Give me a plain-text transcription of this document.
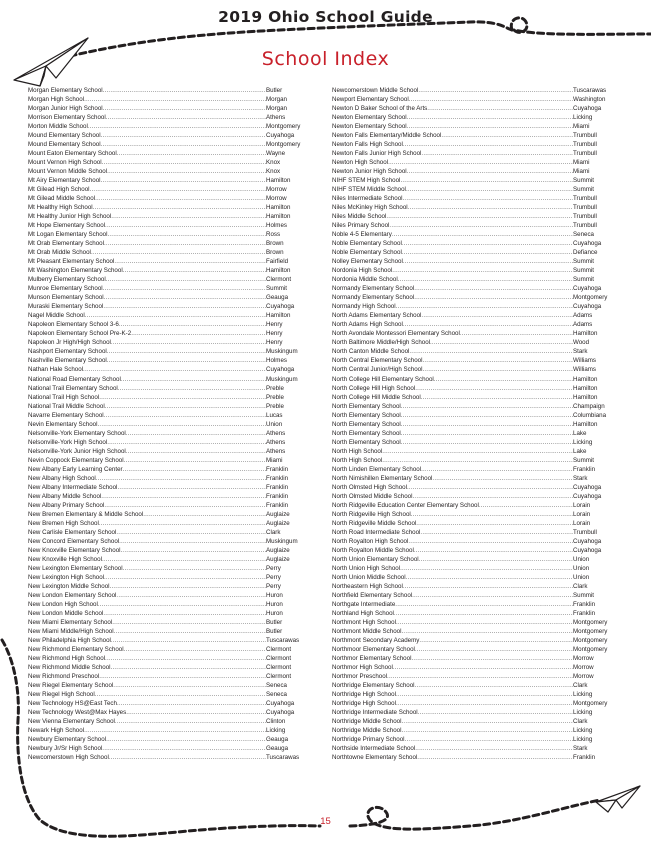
2019 Ohio School Guide
School Index
Morgan Elementary School .....	Butler
Morgan High School .....	Morgan
Morgan Junior High School .....	Morgan
Morrison Elementary School .....	Athens
Morton Middle School .....	Montgomery
Mound Elementary School .....	Cuyahoga
Mound Elementary School .....	Montgomery
Mount Eaton Elementary School .....	Wayne
Mount Vernon High School .....	Knox
Mount Vernon Middle School .....	Knox
Mt Airy Elementary School .....	Hamilton
Mt Gilead High School .....	Morrow
Mt Gilead Middle School .....	Morrow
Mt Healthy High School .....	Hamilton
Mt Healthy Junior High School .....	Hamilton
Mt Hope Elementary School .....	Holmes
Mt Logan Elementary School .....	Ross
Mt Orab Elementary School .....	Brown
Mt Orab Middle School .....	Brown
Mt Pleasant Elementary School .....	Fairfield
Mt Washington Elementary School .....	Hamilton
Mulberry Elementary School .....	Clermont
Munroe Elementary School .....	Summit
Munson Elementary School .....	Geauga
Muraski Elementary School .....	Cuyahoga
Nagel Middle School .....	Hamilton
Napoleon Elementary School 3-6 .....	Henry
Napoleon Elementary School Pre-K-2 .....	Henry
Napoleon Jr High/High School .....	Henry
Nashport Elementary School .....	Muskingum
Nashville Elementary School .....	Holmes
Nathan Hale School .....	Cuyahoga
National Road Elementary School .....	Muskingum
National Trail Elementary School .....	Preble
National Trail High School .....	Preble
National Trail Middle School .....	Preble
Navarre Elementary School .....	Lucas
Nevin Elementary School .....	Union
Nelsonville-York Elementary School .....	Athens
Nelsonville-York High School .....	Athens
Nelsonville-York Junior High School .....	Athens
Nevin Coppock Elementary School .....	Miami
New Albany Early Learning Center .....	Franklin
New Albany High School .....	Franklin
New Albany Intermediate School .....	Franklin
New Albany Middle School .....	Franklin
New Albany Primary School .....	Franklin
New Bremen Elementary & Middle School .....	Auglaize
New Bremen High School .....	Auglaize
New Carlisle Elementary School .....	Clark
New Concord Elementary School .....	Muskingum
New Knoxville Elementary School .....	Auglaize
New Knoxville High School .....	Auglaize
New Lexington Elementary School .....	Perry
New Lexington High School .....	Perry
New Lexington Middle School .....	Perry
New London Elementary School .....	Huron
New London High School .....	Huron
New London Middle School .....	Huron
New Miami Elementary School .....	Butler
New Miami Middle/High School .....	Butler
New Philadelphia High School .....	Tuscarawas
New Richmond Elementary School .....	Clermont
New Richmond High School .....	Clermont
New Richmond Middle School .....	Clermont
New Richmond Preschool .....	Clermont
New Riegel Elementary School .....	Seneca
New Riegel High School .....	Seneca
New Technology HS@East Tech .....	Cuyahoga
New Technology West@Max Hayes .....	Cuyahoga
New Vienna Elementary School .....	Clinton
Newark High School .....	Licking
Newbury Elementary School .....	Geauga
Newbury Jr/Sr High School .....	Geauga
Newcomerstown High School .....	Tuscarawas
Newcomerstown Middle School .....	Tuscarawas
Newport Elementary School .....	Washington
Newton D Baker School of the Arts .....	Cuyahoga
Newton Elementary School .....	Licking
Newton Elementary School .....	Miami
Newton Falls Elementary/Middle School .....	Trumbull
Newton Falls High School .....	Trumbull
Newton Falls Junior High School .....	Trumbull
Newton High School .....	Miami
Newton Junior High School .....	Miami
NIHF STEM High School .....	Summit
NIHF STEM Middle School .....	Summit
Niles Intermediate School .....	Trumbull
Niles McKinley High School .....	Trumbull
Niles Middle School .....	Trumbull
Niles Primary School .....	Trumbull
Noble 4-5 Elementary .....	Seneca
Noble Elementary School .....	Cuyahoga
Noble Elementary School .....	Defiance
Nolley Elementary School .....	Summit
Nordonia High School .....	Summit
Nordonia Middle School .....	Summit
Normandy Elementary School .....	Cuyahoga
Normandy Elementary School .....	Montgomery
Normandy High School .....	Cuyahoga
North Adams Elementary School .....	Adams
North Adams High School .....	Adams
North Avondale Montessori Elementary School .....	Hamilton
North Baltimore Middle/High School .....	Wood
North Canton Middle School .....	Stark
North Central Elementary School .....	Williams
North Central Junior/High School .....	Williams
North College Hill Elementary School .....	Hamilton
North College Hill High School .....	Hamilton
North College Hill Middle School .....	Hamilton
North Elementary School .....	Champaign
North Elementary School .....	Columbiana
North Elementary School .....	Hamilton
North Elementary School .....	Lake
North Elementary School .....	Licking
North High School .....	Lake
North High School .....	Summit
North Linden Elementary School .....	Franklin
North Nimishillen Elementary School .....	Stark
North Olmsted High School .....	Cuyahoga
North Olmsted Middle School .....	Cuyahoga
North Ridgeville Education Center Elementary School .....	Lorain
North Ridgeville High School .....	Lorain
North Ridgeville Middle School .....	Lorain
North Road Intermediate School .....	Trumbull
North Royalton High School .....	Cuyahoga
North Royalton Middle School .....	Cuyahoga
North Union Elementary School .....	Union
North Union High School .....	Union
North Union Middle School .....	Union
Northeastern High School .....	Clark
Northfield Elementary School .....	Summit
Northgate Intermediate .....	Franklin
Northland High School .....	Franklin
Northmont High School .....	Montgomery
Northmont Middle School .....	Montgomery
Northmont Secondary Academy .....	Montgomery
Northmoor Elementary School .....	Montgomery
Northmor Elementary School .....	Morrow
Northmor High School .....	Morrow
Northmor Preschool .....	Morrow
Northridge Elementary School .....	Clark
Northridge High School .....	Licking
Northridge High School .....	Montgomery
Northridge Intermediate School .....	Licking
Northridge Middle School .....	Clark
Northridge Middle School .....	Licking
Northridge Primary School .....	Licking
Northside Intermediate School .....	Stark
Northtowne Elementary School .....	Franklin
15
